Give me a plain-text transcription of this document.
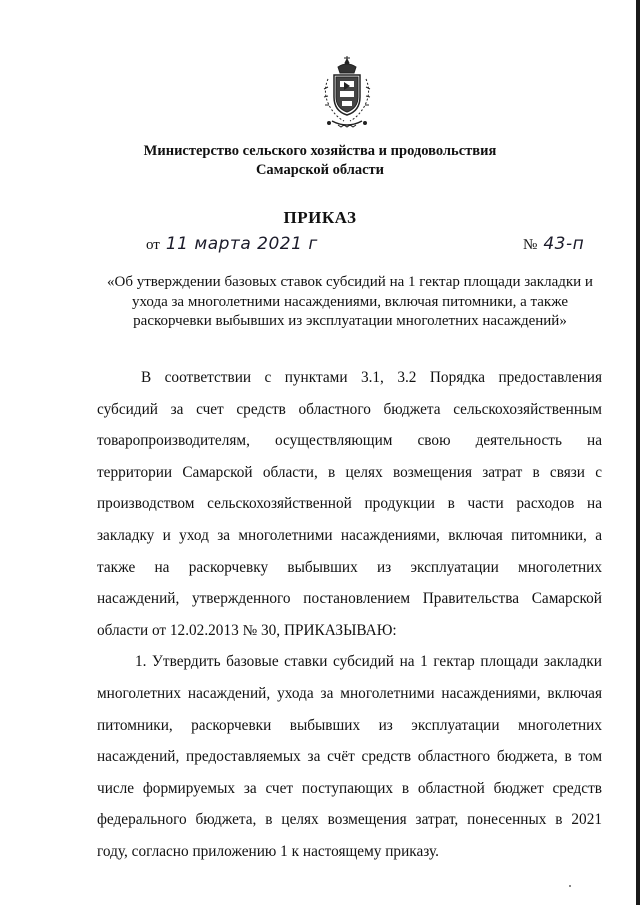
Министерство сельского хозяйства и продовольствия
Самарской области
ПРИКАЗ
от 11 марта 2021 г	№ 43-п
«Об утверждении базовых ставок субсидий на 1 гектар площади закладки и
ухода за многолетними насаждениями, включая питомники, а также
раскорчевки выбывших из эксплуатации многолетних насаждений»
В соответствии с пунктами 3.1, 3.2 Порядка предоставления
субсидий за счет средств областного бюджета сельскохозяйственным
товаропроизводителям, осуществляющим свою деятельность на
территории Самарской области, в целях возмещения затрат в связи с
производством сельскохозяйственной продукции в части расходов на
закладку и уход за многолетними насаждениями, включая питомники, а
также на раскорчевку выбывших из эксплуатации многолетних
насаждений, утвержденного постановлением Правительства Самарской
области от 12.02.2013 № 30, ПРИКАЗЫВАЮ:
1. Утвердить базовые ставки субсидий на 1 гектар площади закладки
многолетних насаждений, ухода за многолетними насаждениями, включая
питомники, раскорчевки выбывших из эксплуатации многолетних
насаждений, предоставляемых за счёт средств областного бюджета, в том
числе формируемых за счет поступающих в областной бюджет средств
федерального бюджета, в целях возмещения затрат, понесенных в 2021
году, согласно приложению 1 к настоящему приказу.
